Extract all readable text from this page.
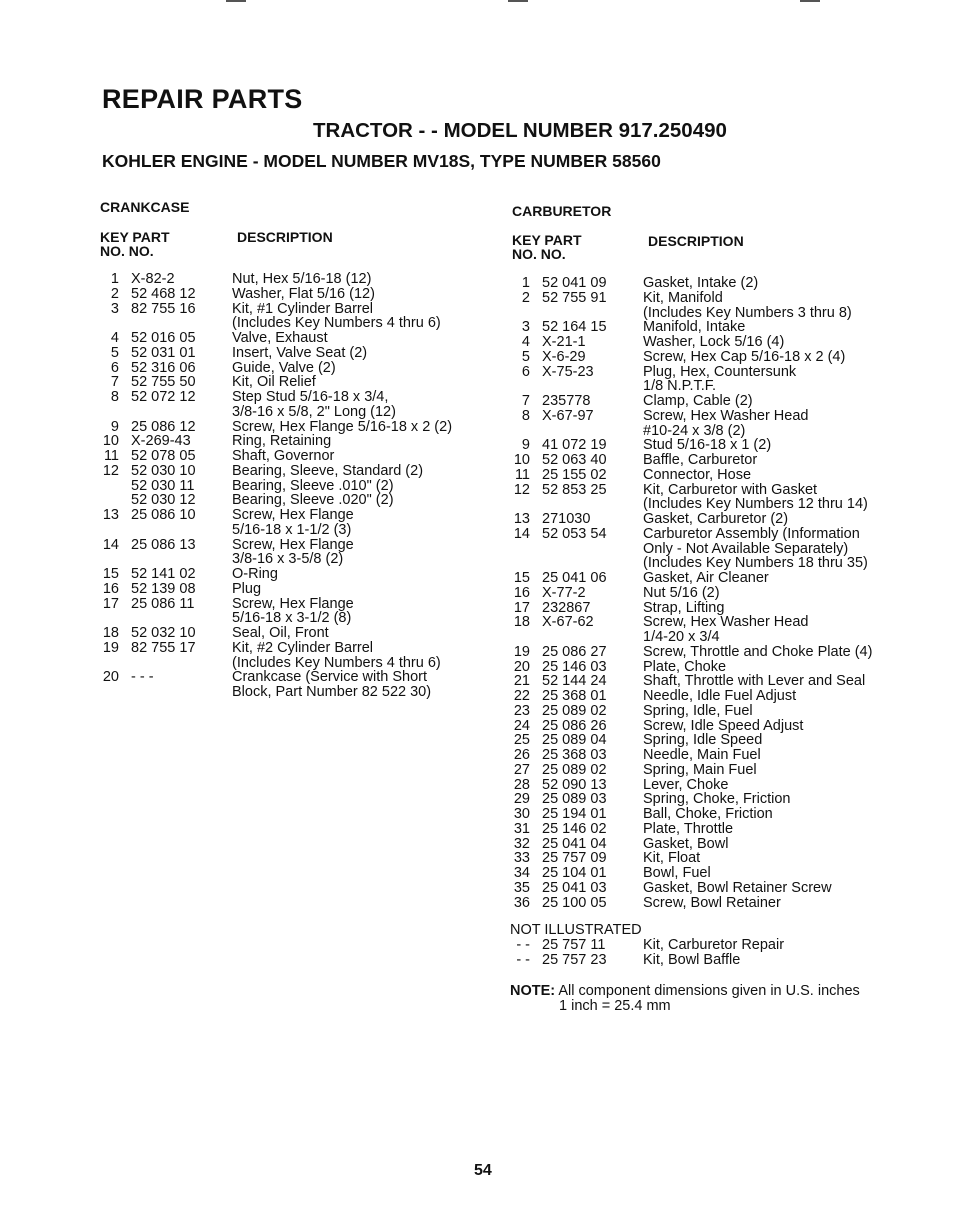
REPAIR PARTS
TRACTOR - - MODEL NUMBER 917.250490
KOHLER ENGINE - MODEL NUMBER MV18S, TYPE NUMBER 58560
CRANKCASE
KEY PART
NO. NO.
DESCRIPTION
1 X-82-2	Nut, Hex 5/16-18 (12)
2 52 468 12	Washer, Flat 5/16 (12)
3 82 755 16	Kit, #1 Cylinder Barrel
(Includes Key Numbers 4 thru 6)
4 52 016 05	Valve, Exhaust
5 52 031 01	Insert, Valve Seat (2)
6 52 316 06	Guide, Valve (2)
7 52 755 50	Kit, Oil Relief
8 52 072 12	Step Stud 5/16-18 x 3/4,
3/8-16 x 5/8, 2" Long (12)
9 25 086 12	Screw, Hex Flange 5/16-18 x 2 (2)
10 X-269-43	Ring, Retaining
11 52 078 05	Shaft, Governor
12 52 030 10	Bearing, Sleeve, Standard (2)
52 030 11	Bearing, Sleeve .010" (2)
52 030 12	Bearing, Sleeve .020" (2)
13 25 086 10	Screw, Hex Flange
5/16-18 x 1-1/2 (3)
14 25 086 13	Screw, Hex Flange
3/8-16 x 3-5/8 (2)
15 52 141 02	O-Ring
16 52 139 08	Plug
17 25 086 11	Screw, Hex Flange
5/16-18 x 3-1/2 (8)
18 52 032 10	Seal, Oil, Front
19 82 755 17	Kit, #2 Cylinder Barrel
(Includes Key Numbers 4 thru 6)
20 - - -	Crankcase (Service with Short
Block, Part Number 82 522 30)
CARBURETOR
KEY PART
NO. NO.
DESCRIPTION
1 52 041 09	Gasket, Intake (2)
2 52 755 91	Kit, Manifold
(Includes Key Numbers 3 thru 8)
3 52 164 15	Manifold, Intake
4 X-21-1	Washer, Lock 5/16 (4)
5 X-6-29	Screw, Hex Cap 5/16-18 x 2 (4)
6 X-75-23	Plug, Hex, Countersunk
1/8 N.P.T.F.
7 235778	Clamp, Cable (2)
8 X-67-97	Screw, Hex Washer Head
#10-24 x 3/8 (2)
9 41 072 19	Stud 5/16-18 x 1 (2)
10 52 063 40	Baffle, Carburetor
11 25 155 02	Connector, Hose
12 52 853 25	Kit, Carburetor with Gasket
(Includes Key Numbers 12 thru 14)
13 271030	Gasket, Carburetor (2)
14 52 053 54	Carburetor Assembly (Information
Only - Not Available Separately)
(Includes Key Numbers 18 thru 35)
15 25 041 06	Gasket, Air Cleaner
16 X-77-2	Nut 5/16 (2)
17 232867	Strap, Lifting
18 X-67-62	Screw, Hex Washer Head
1/4-20 x 3/4
19 25 086 27	Screw, Throttle and Choke Plate (4)
20 25 146 03	Plate, Choke
21 52 144 24	Shaft, Throttle with Lever and Seal
22 25 368 01	Needle, Idle Fuel Adjust
23 25 089 02	Spring, Idle, Fuel
24 25 086 26	Screw, Idle Speed Adjust
25 25 089 04	Spring, Idle Speed
26 25 368 03	Needle, Main Fuel
27 25 089 02	Spring, Main Fuel
28 52 090 13	Lever, Choke
29 25 089 03	Spring, Choke, Friction
30 25 194 01	Ball, Choke, Friction
31 25 146 02	Plate, Throttle
32 25 041 04	Gasket, Bowl
33 25 757 09	Kit, Float
34 25 104 01	Bowl, Fuel
35 25 041 03	Gasket, Bowl Retainer Screw
36 25 100 05	Screw, Bowl Retainer
NOT ILLUSTRATED
- - 25 757 11	Kit, Carburetor Repair
- - 25 757 23	Kit, Bowl Baffle
NOTE: All component dimensions given in U.S. inches
1 inch = 25.4 mm
54
